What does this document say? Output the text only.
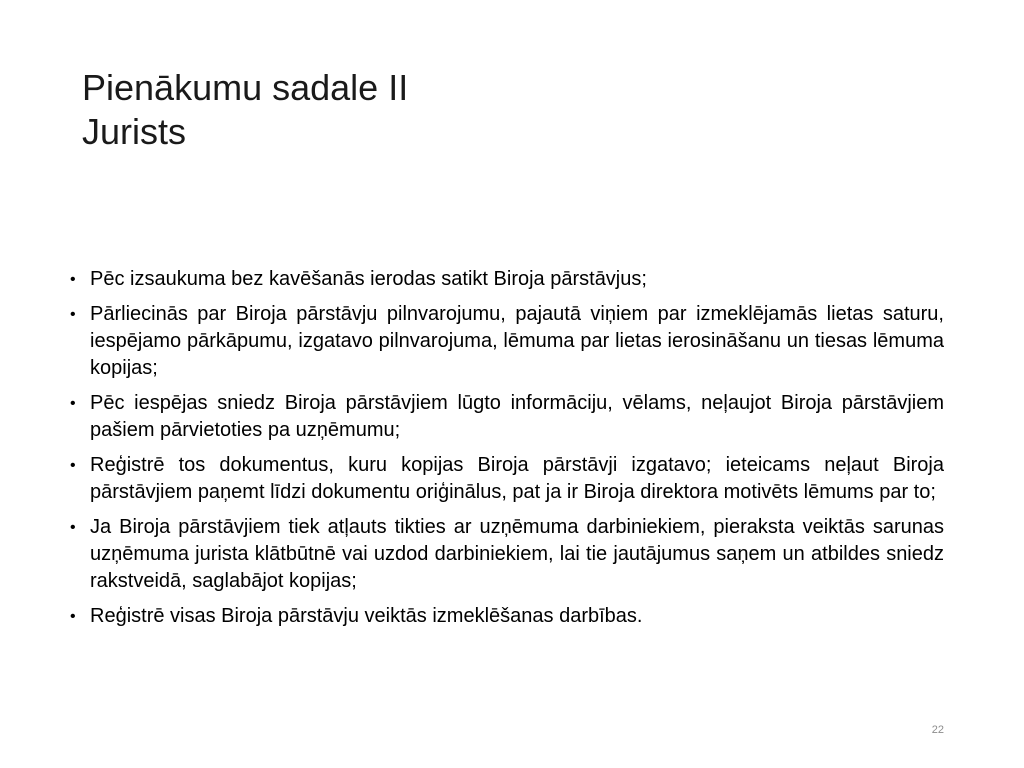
Pienākumu sadale II
Jurists
• Pēc izsaukuma bez kavēšanās ierodas satikt Biroja pārstāvjus;
• Pārliecinās par Biroja pārstāvju pilnvarojumu, pajautā viņiem par izmeklējamās lietas saturu, iespējamo pārkāpumu, izgatavo pilnvarojuma, lēmuma par lietas ierosināšanu un tiesas lēmuma kopijas;
• Pēc iespējas sniedz Biroja pārstāvjiem lūgto informāciju, vēlams, neļaujot Biroja pārstāvjiem pašiem pārvietoties pa uzņēmumu;
• Reģistrē tos dokumentus, kuru kopijas Biroja pārstāvji izgatavo; ieteicams neļaut Biroja pārstāvjiem paņemt līdzi dokumentu oriģinālus, pat ja ir Biroja direktora motivēts lēmums par to;
• Ja Biroja pārstāvjiem tiek atļauts tikties ar uzņēmuma darbiniekiem, pieraksta veiktās sarunas uzņēmuma jurista klātbūtnē vai uzdod darbiniekiem, lai tie jautājumus saņem un atbildes sniedz rakstveidā, saglabājot kopijas;
• Reģistrē visas Biroja pārstāvju veiktās izmeklēšanas darbības.
22
